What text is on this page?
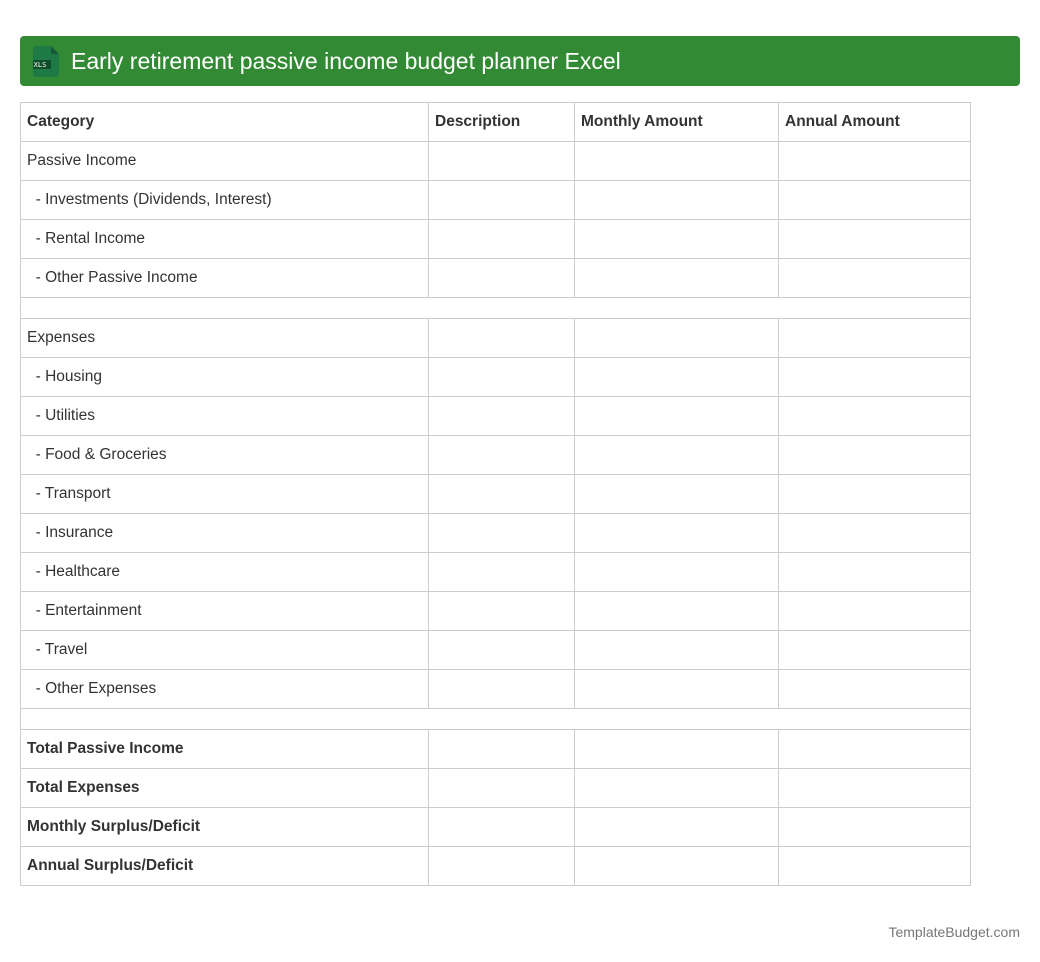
XLS Early retirement passive income budget planner Excel
Category	Description	Monthly Amount	Annual Amount
Passive Income			
- Investments (Dividends, Interest)			
- Rental Income			
- Other Passive Income			

Expenses			
- Housing			
- Utilities			
- Food & Groceries			
- Transport			
- Insurance			
- Healthcare			
- Entertainment			
- Travel			
- Other Expenses			

Total Passive Income			
Total Expenses			
Monthly Surplus/Deficit			
Annual Surplus/Deficit			
TemplateBudget.com
